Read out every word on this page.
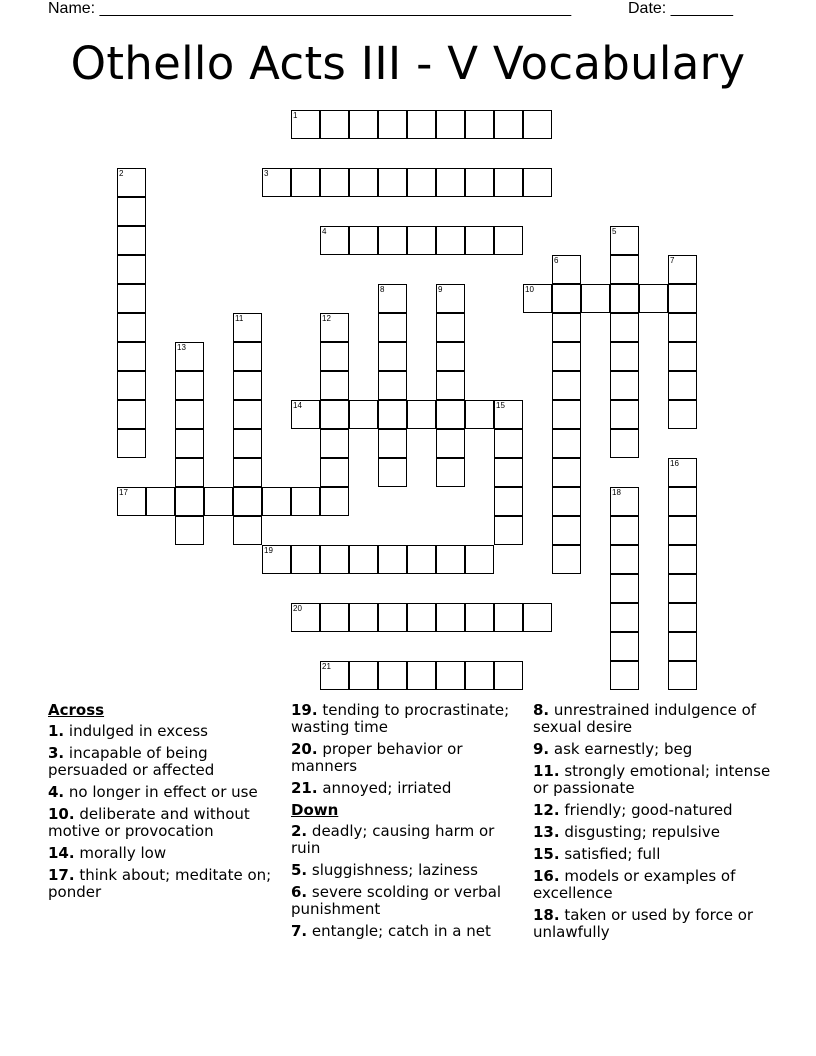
Name: _____________________________________________________	Date: _______
Othello Acts III - V Vocabulary
1
2	3
4	5
6	7
8	9	10
11	12
13
14	15
16
17	18
19
20
21
Across
1. indulged in excess
3. incapable of being persuaded or affected
4. no longer in effect or use
10. deliberate and without motive or provocation
14. morally low
17. think about; meditate on; ponder
19. tending to procrastinate; wasting time
20. proper behavior or manners
21. annoyed; irriated
Down
2. deadly; causing harm or ruin
5. sluggishness; laziness
6. severe scolding or verbal punishment
7. entangle; catch in a net
8. unrestrained indulgence of sexual desire
9. ask earnestly; beg
11. strongly emotional; intense or passionate
12. friendly; good-natured
13. disgusting; repulsive
15. satisfied; full
16. models or examples of excellence
18. taken or used by force or unlawfully
